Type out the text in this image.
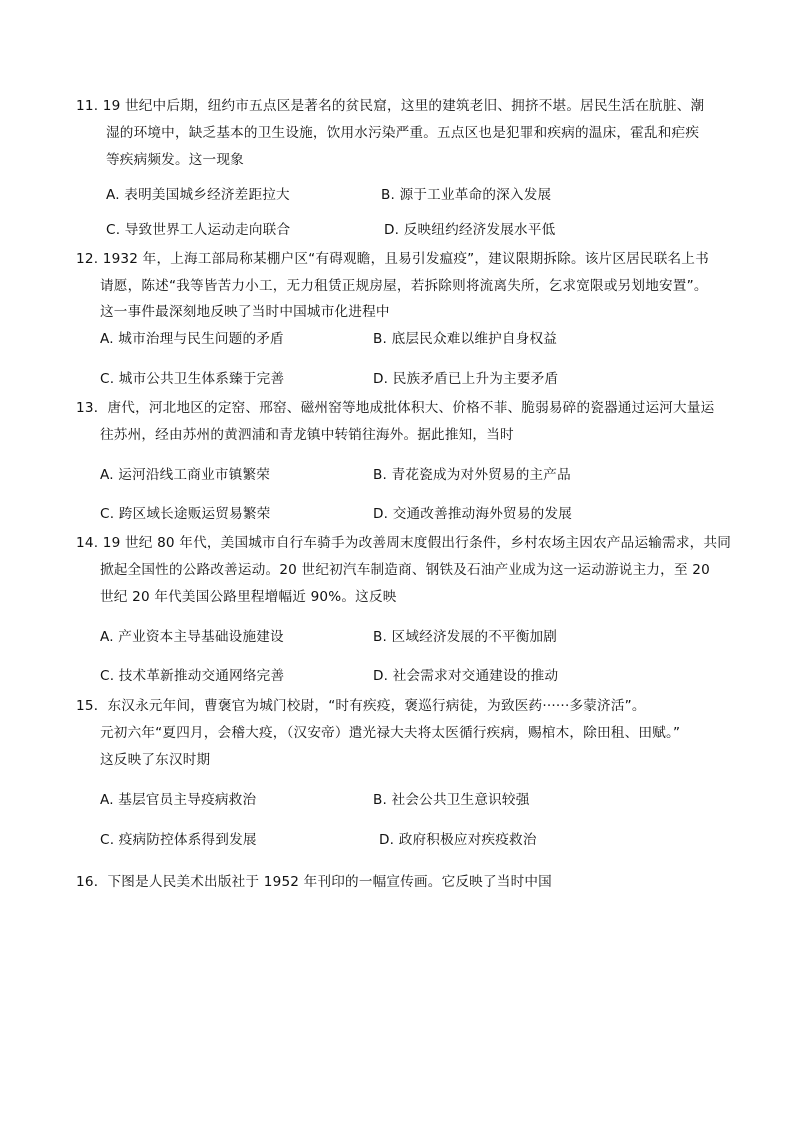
11. 19 世纪中后期，纽约市五点区是著名的贫民窟，这里的建筑老旧、拥挤不堪。居民生活在肮脏、潮
湿的环境中，缺乏基本的卫生设施，饮用水污染严重。五点区也是犯罪和疾病的温床，霍乱和疟疾
等疾病频发。这一现象
A. 表明美国城乡经济差距拉大	B. 源于工业革命的深入发展
C. 导致世界工人运动走向联合	D. 反映纽约经济发展水平低
12. 1932 年，上海工部局称某棚户区“有碍观瞻，且易引发瘟疫”，建议限期拆除。该片区居民联名上书
请愿，陈述“我等皆苦力小工，无力租赁正规房屋，若拆除则将流离失所，乞求宽限或另划地安置”。
这一事件最深刻地反映了当时中国城市化进程中
A. 城市治理与民生问题的矛盾	B. 底层民众难以维护自身权益
C. 城市公共卫生体系臻于完善	D. 民族矛盾已上升为主要矛盾
13．唐代，河北地区的定窑、邢窑、磁州窑等地成批体积大、价格不菲、脆弱易碎的瓷器通过运河大量运
往苏州，经由苏州的黄泗浦和青龙镇中转销往海外。据此推知，当时
A. 运河沿线工商业市镇繁荣	B. 青花瓷成为对外贸易的主产品
C. 跨区域长途贩运贸易繁荣	D. 交通改善推动海外贸易的发展
14. 19 世纪 80 年代，美国城市自行车骑手为改善周末度假出行条件，乡村农场主因农产品运输需求，共同
掀起全国性的公路改善运动。20 世纪初汽车制造商、钢铁及石油产业成为这一运动游说主力，至 20
世纪 20 年代美国公路里程增幅近 90%。这反映
A. 产业资本主导基础设施建设	B. 区域经济发展的不平衡加剧
C. 技术革新推动交通网络完善	D. 社会需求对交通建设的推动
15．东汉永元年间，曹褒官为城门校尉，“时有疾疫，褒巡行病徒，为致医药······多蒙济活”。
元初六年“夏四月，会稽大疫，（汉安帝）遣光禄大夫将太医循行疾病，赐棺木，除田租、田赋。”
这反映了东汉时期
A. 基层官员主导疫病救治	B. 社会公共卫生意识较强
C. 疫病防控体系得到发展	D. 政府积极应对疾疫救治
16．下图是人民美术出版社于 1952 年刊印的一幅宣传画。它反映了当时中国
